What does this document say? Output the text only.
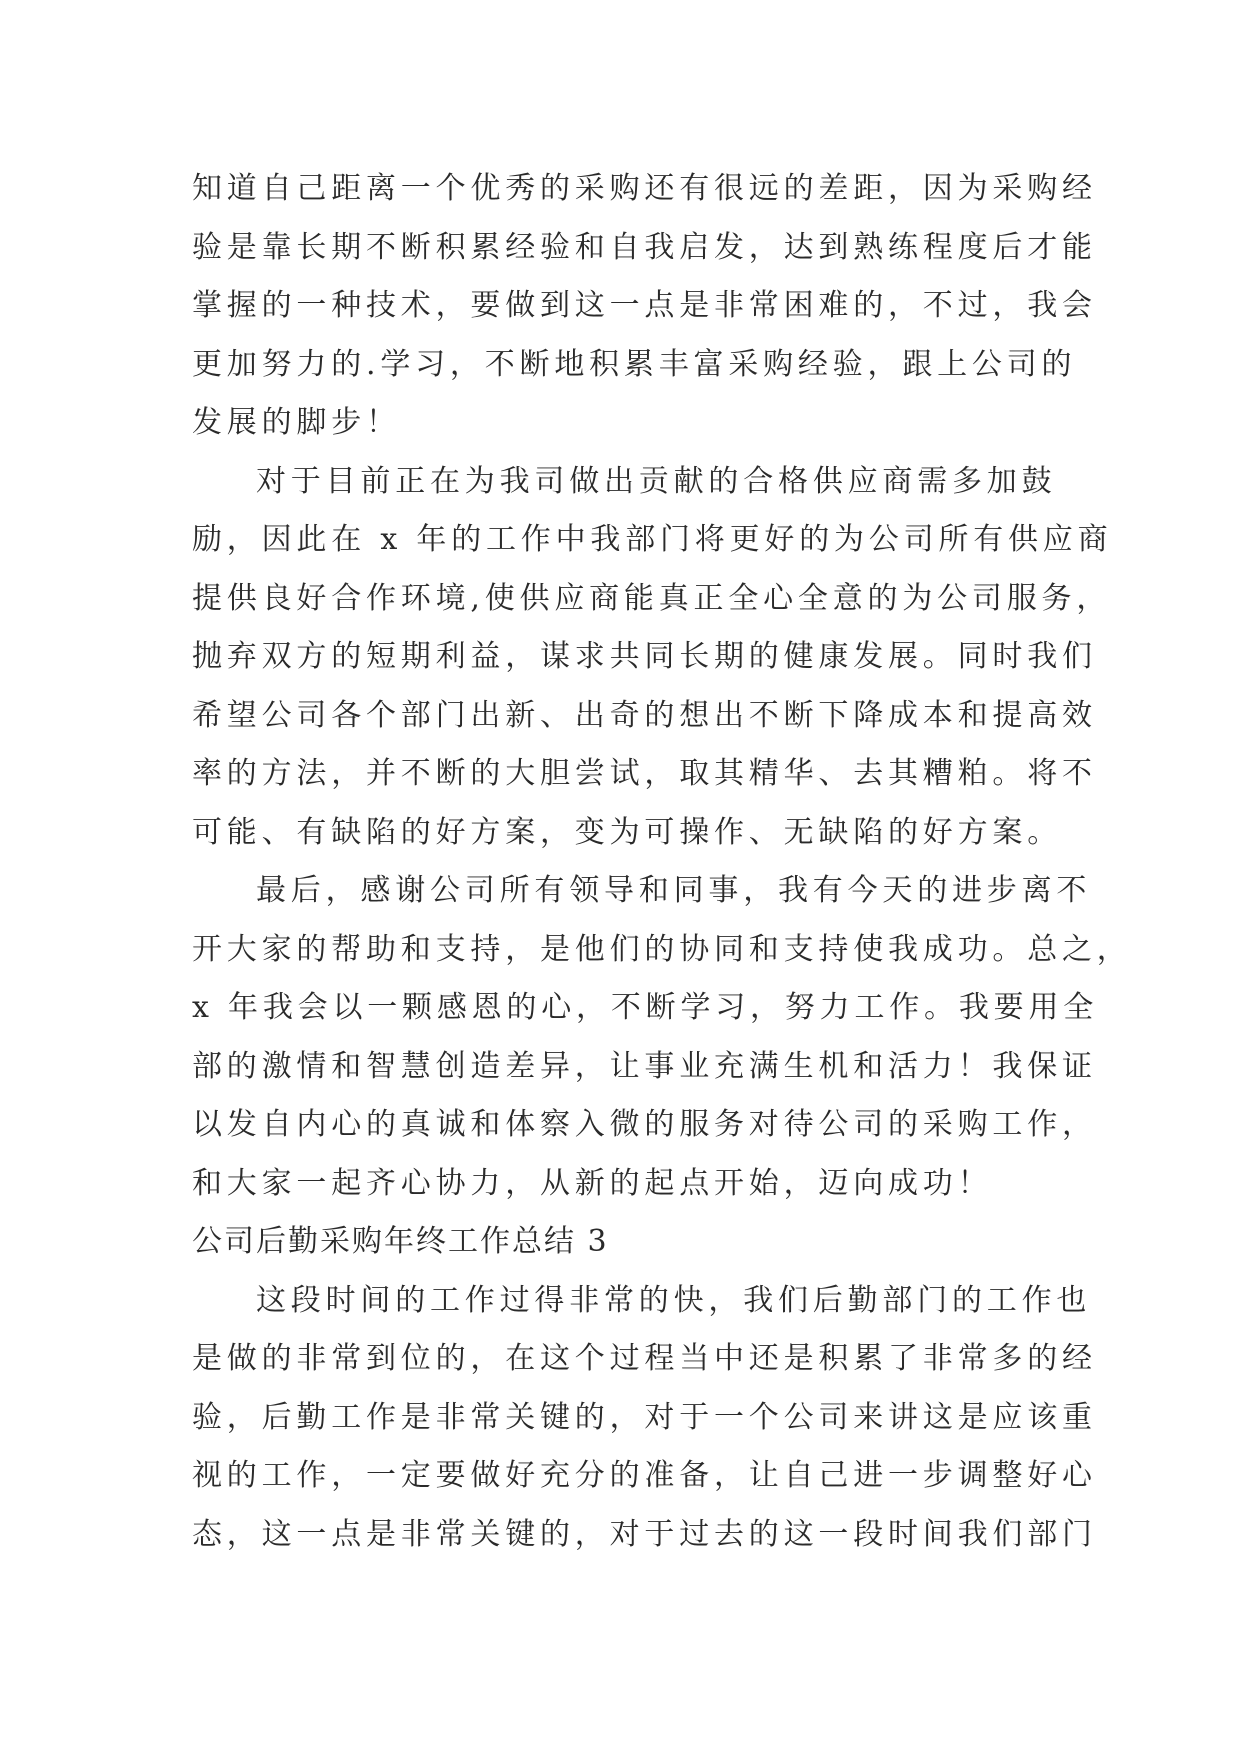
知道自己距离一个优秀的采购还有很远的差距，因为采购经
验是靠长期不断积累经验和自我启发，达到熟练程度后才能
掌握的一种技术，要做到这一点是非常困难的，不过，我会
更加努力的.学习，不断地积累丰富采购经验，跟上公司的
发展的脚步！
对于目前正在为我司做出贡献的合格供应商需多加鼓
励，因此在 x 年的工作中我部门将更好的为公司所有供应商
提供良好合作环境,使供应商能真正全心全意的为公司服务，
抛弃双方的短期利益，谋求共同长期的健康发展。同时我们
希望公司各个部门出新、出奇的想出不断下降成本和提高效
率的方法，并不断的大胆尝试，取其精华、去其糟粕。将不
可能、有缺陷的好方案，变为可操作、无缺陷的好方案。
最后，感谢公司所有领导和同事，我有今天的进步离不
开大家的帮助和支持，是他们的协同和支持使我成功。总之，
x 年我会以一颗感恩的心，不断学习，努力工作。我要用全
部的激情和智慧创造差异，让事业充满生机和活力！我保证
以发自内心的真诚和体察入微的服务对待公司的采购工作，
和大家一起齐心协力，从新的起点开始，迈向成功！
公司后勤采购年终工作总结 3
这段时间的工作过得非常的快，我们后勤部门的工作也
是做的非常到位的，在这个过程当中还是积累了非常多的经
验，后勤工作是非常关键的，对于一个公司来讲这是应该重
视的工作，一定要做好充分的准备，让自己进一步调整好心
态，这一点是非常关键的，对于过去的这一段时间我们部门
